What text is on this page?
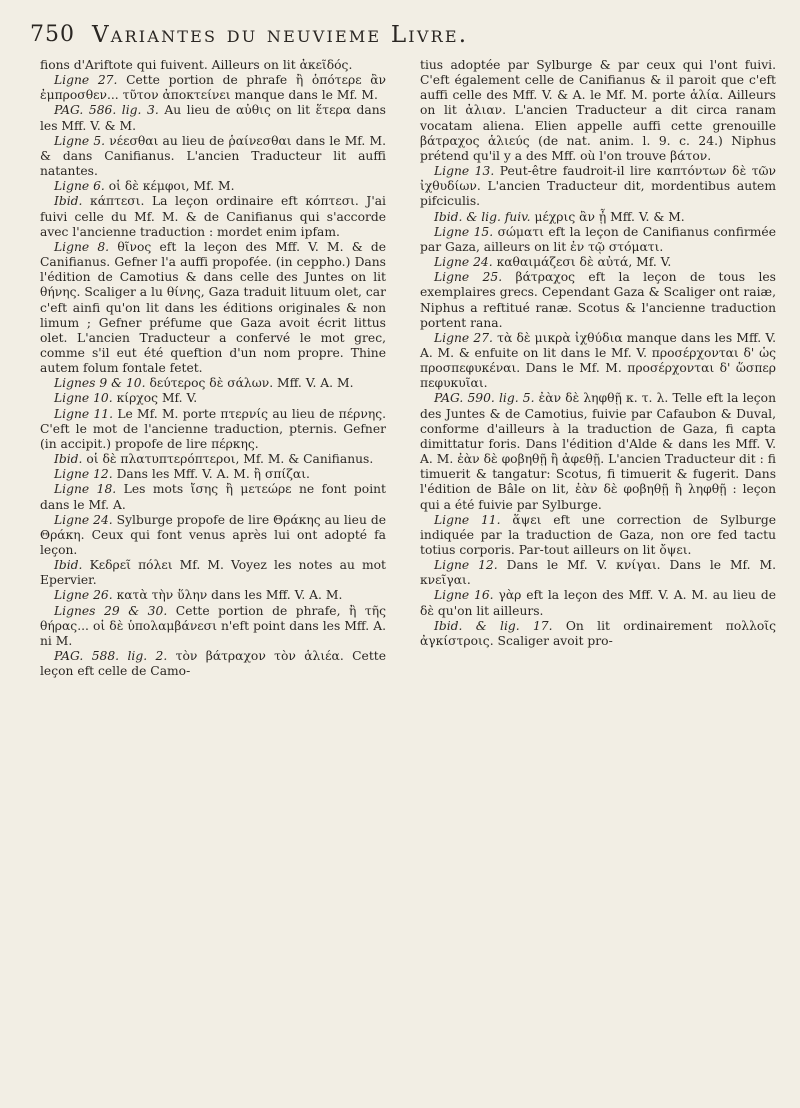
750 Variantes du neuvieme Livre.

fions d'Ariftote qui fuivent. Ailleurs on lit ἀκεῖδός.

Ligne 27. Cette portion de phrafe ἢ ὁπότερε ἂν ἐμπροσθεν... τῦτον ἀποκτείνει manque dans le Mf. M.

PAG. 586. lig. 3. Au lieu de αὐθις on lit ἕτερα dans les Mff. V. & M.

Ligne 5. νέεσθαι au lieu de ῥαίνεσθαι dans le Mf. M. & dans Canifianus. L'ancien Traducteur lit auffi natantes.

Ligne 6. οἱ δὲ κέμφοι, Mf. M.

Ibid. κάπτεσι. La leçon ordinaire eft κόπτεσι. J'ai fuivi celle du Mf. M. & de Canifianus qui s'accorde avec l'ancienne traduction : mordet enim ipfam.

Ligne 8. θῖνος eft la leçon des Mff. V. M. & de Canifianus. Gefner l'a auffi propofée. (in ceppho.) Dans l'édition de Camotius & dans celle des Juntes on lit θήνης. Scaliger a lu θίνης, Gaza traduit lituum olet, car c'eft ainfi qu'on lit dans les éditions originales & non limum ; Gefner préfume que Gaza avoit écrit littus olet. L'ancien Traducteur a confervé le mot grec, comme s'il eut été queftion d'un nom propre. Thine autem folum fontale fetet.

Lignes 9 & 10. δεύτερος δὲ σάλων. Mff. V. A. M.

Ligne 10. κίρχος Mf. V.

Ligne 11. Le Mf. M. porte πτερνίς au lieu de πέρνης. C'eft le mot de l'ancienne traduction, pternis. Gefner (in accipit.) propofe de lire πέρκης.

Ibid. οἱ δὲ πλατυπτερόπτεροι, Mf. M. & Canifianus.

Ligne 12. Dans les Mff. V. A. M. ἢ σπίζαι.

Ligne 18. Les mots ἴσης ἢ μετεώρε ne font point dans le Mf. A.

Ligne 24. Sylburge propofe de lire Θράκης au lieu de Θράκη. Ceux qui font venus après lui ont adopté fa leçon.

Ibid. Κεδρεῖ πόλει Mf. M. Voyez les notes au mot Epervier.

Ligne 26. κατὰ τὴν ὕλην dans les Mff. V. A. M.

Lignes 29 & 30. Cette portion de phrafe, ἢ τῆς θήρας... οἱ δὲ ὑπολαμβάνεσι n'eft point dans les Mff. A. ni M.

PAG. 588. lig. 2. τὸν βάτραχον τὸν ἁλιέα. Cette leçon eft celle de Camo-

tius adoptée par Sylburge & par ceux qui l'ont fuivi. C'eft également celle de Canifianus & il paroit que c'eft auffi celle des Mff. V. & A. le Mf. M. porte ἁλία. Ailleurs on lit ἀλιαν. L'ancien Traducteur a dit circa ranam vocatam aliena. Elien appelle auffi cette grenouille βάτραχος ἁλιεύς (de nat. anim. l. 9. c. 24.) Niphus prétend qu'il y a des Mff. où l'on trouve βάτον.

Ligne 13. Peut-être faudroit-il lire καπτόντων δὲ τῶν ἰχθυδίων. L'ancien Traducteur dit, mordentibus autem pifciculis.

Ibid. & lig. fuiv. μέχρις ἂν ᾖ Mff. V. & M.

Ligne 15. σώματι eft la leçon de Canifianus confirmée par Gaza, ailleurs on lit ἐν τῷ στόματι.

Ligne 24. καθαιμάζεσι δὲ αὐτά, Mf. V.

Ligne 25. βάτραχος eft la leçon de tous les exemplaires grecs. Cependant Gaza & Scaliger ont raiæ, Niphus a reftitué ranæ. Scotus & l'ancienne traduction portent rana.

Ligne 27. τὰ δὲ μικρὰ ἰχθύδια manque dans les Mff. V. A. M. & enfuite on lit dans le Mf. V. προσέρχονται δ' ὡς προσπεφυκέναι. Dans le Mf. M. προσέρχονται δ' ὥσπερ πεφυκυῖαι.

PAG. 590. lig. 5. ἐὰν δὲ ληφθῇ κ. τ. λ. Telle eft la leçon des Juntes & de Camotius, fuivie par Cafaubon & Duval, conforme d'ailleurs à la traduction de Gaza, fi capta dimittatur foris. Dans l'édition d'Alde & dans les Mff. V. A. M. ἐὰν δὲ φοβηθῇ ἢ ἀφεθῇ. L'ancien Traducteur dit : fi timuerit & tangatur: Scotus, fi timuerit & fugerit. Dans l'édition de Bâle on lit, ἐὰν δὲ φοβηθῇ ἢ ληφθῇ : leçon qui a été fuivie par Sylburge.

Ligne 11. ἅψει eft une correction de Sylburge indiquée par la traduction de Gaza, non ore fed tactu totius corporis. Par-tout ailleurs on lit ὄψει.

Ligne 12. Dans le Mf. V. κνίγαι. Dans le Mf. M. κνεῖγαι.

Ligne 16. γὰρ eft la leçon des Mff. V. A. M. au lieu de δὲ qu'on lit ailleurs.

Ibid. & lig. 17. On lit ordinairement πολλοῖς ἀγκίστροις. Scaliger avoit pro-
